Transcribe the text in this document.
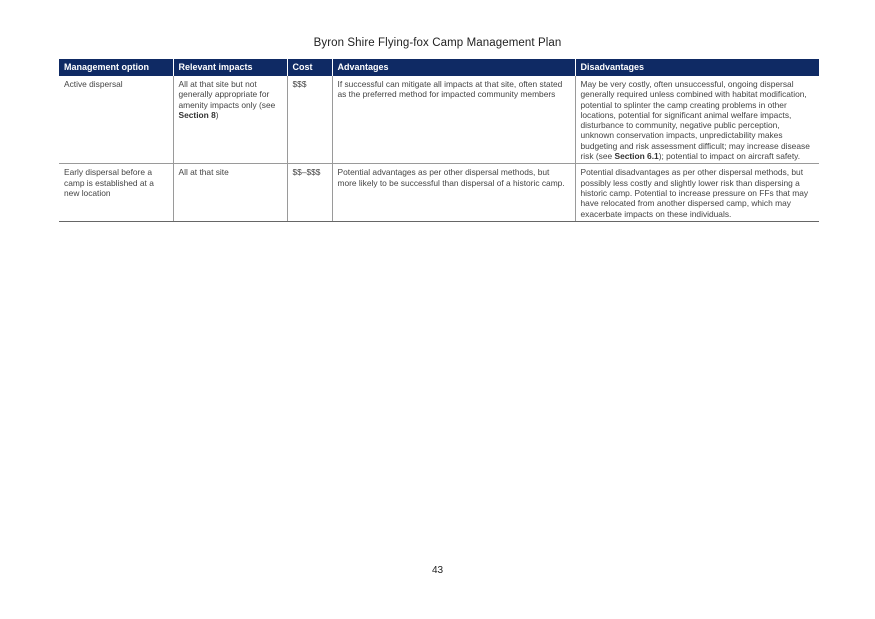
Byron Shire Flying-fox Camp Management Plan
Management option	Relevant impacts	Cost	Advantages	Disadvantages
Active dispersal	All at that site but not generally appropriate for amenity impacts only (see Section 8)	$$$	If successful can mitigate all impacts at that site, often stated as the preferred method for impacted community members	May be very costly, often unsuccessful, ongoing dispersal generally required unless combined with habitat modification, potential to splinter the camp creating problems in other locations, potential for significant animal welfare impacts, disturbance to community, negative public perception, unknown conservation impacts, unpredictability makes budgeting and risk assessment difficult; may increase disease risk (see Section 6.1); potential to impact on aircraft safety.
Early dispersal before a camp is established at a new location	All at that site	$$–$$$	Potential advantages as per other dispersal methods, but more likely to be successful than dispersal of a historic camp.	Potential disadvantages as per other dispersal methods, but possibly less costly and slightly lower risk than dispersing a historic camp. Potential to increase pressure on FFs that may have relocated from another dispersed camp, which may exacerbate impacts on these individuals.
43
